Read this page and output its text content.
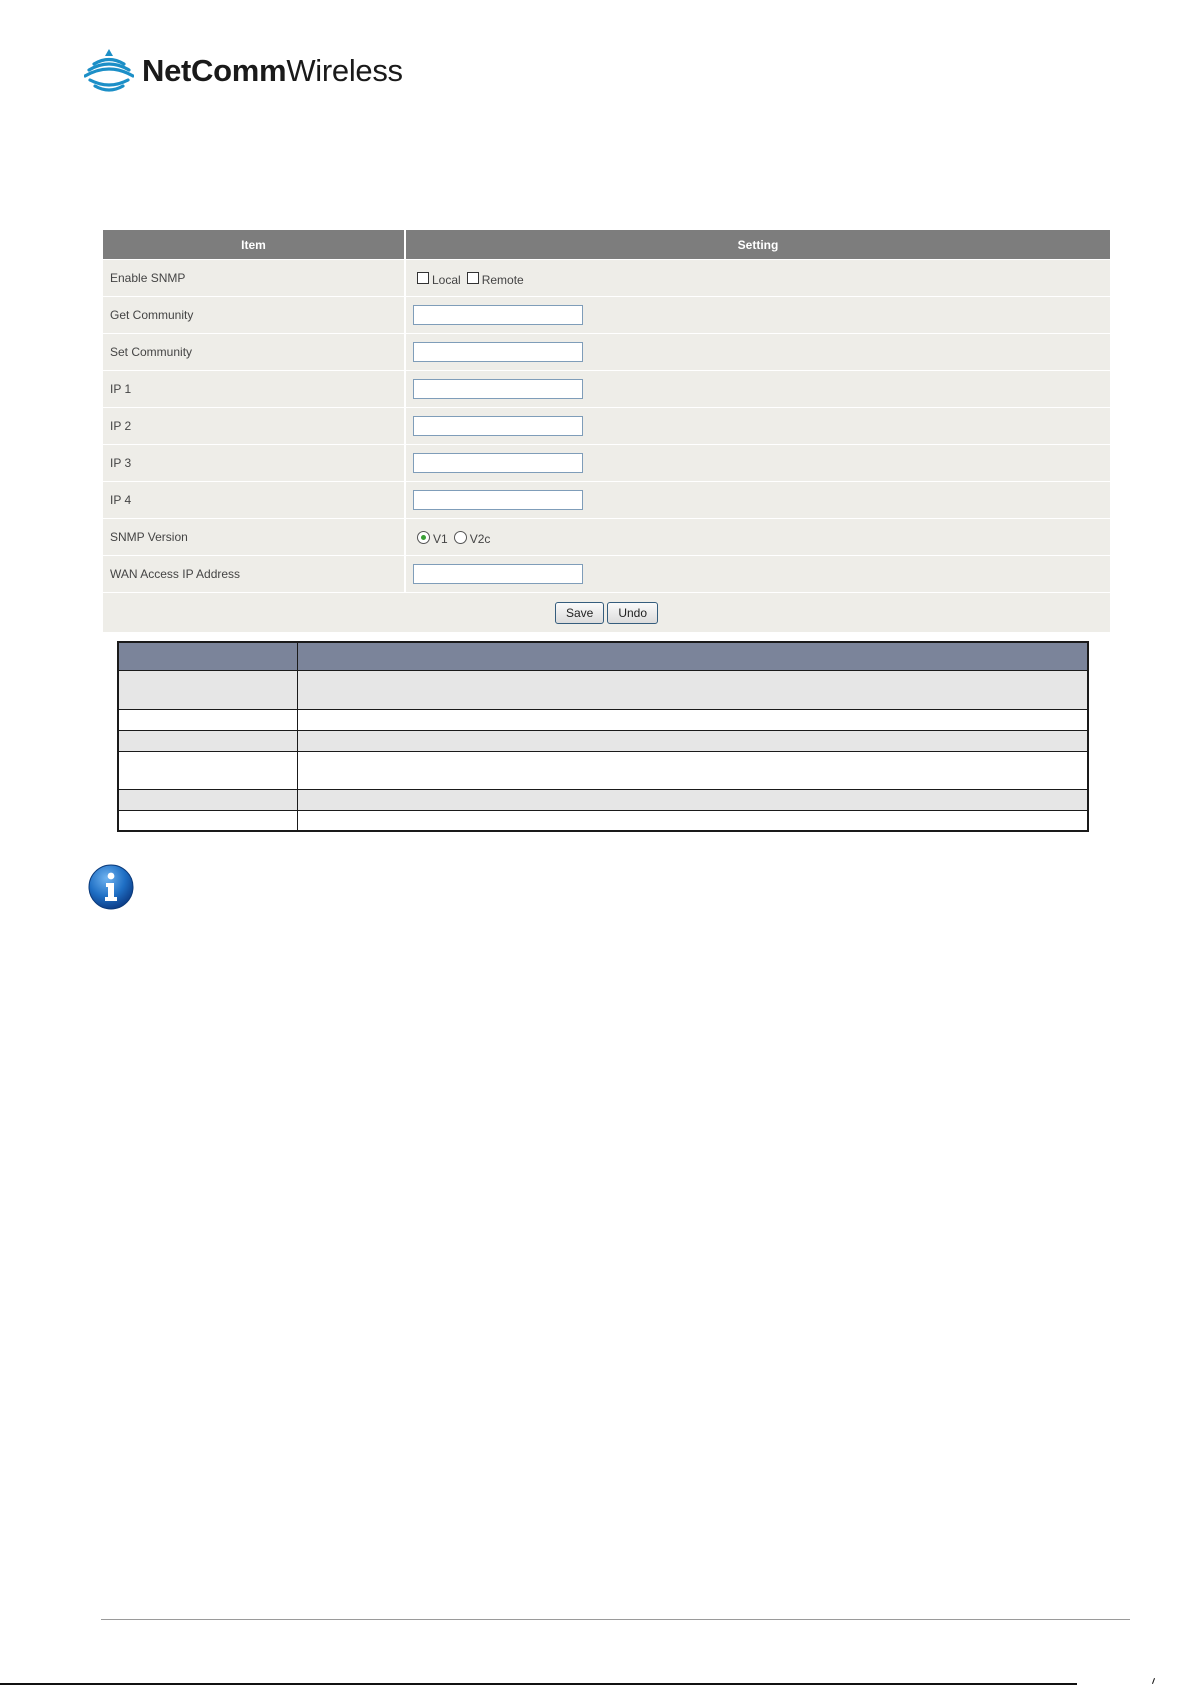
NetCommWireless
Item	Setting
Enable SNMP	Local Remote
Get Community
Set Community
IP 1
IP 2
IP 3
IP 4
SNMP Version	V1 V2c
WAN Access IP Address
Save	Undo
